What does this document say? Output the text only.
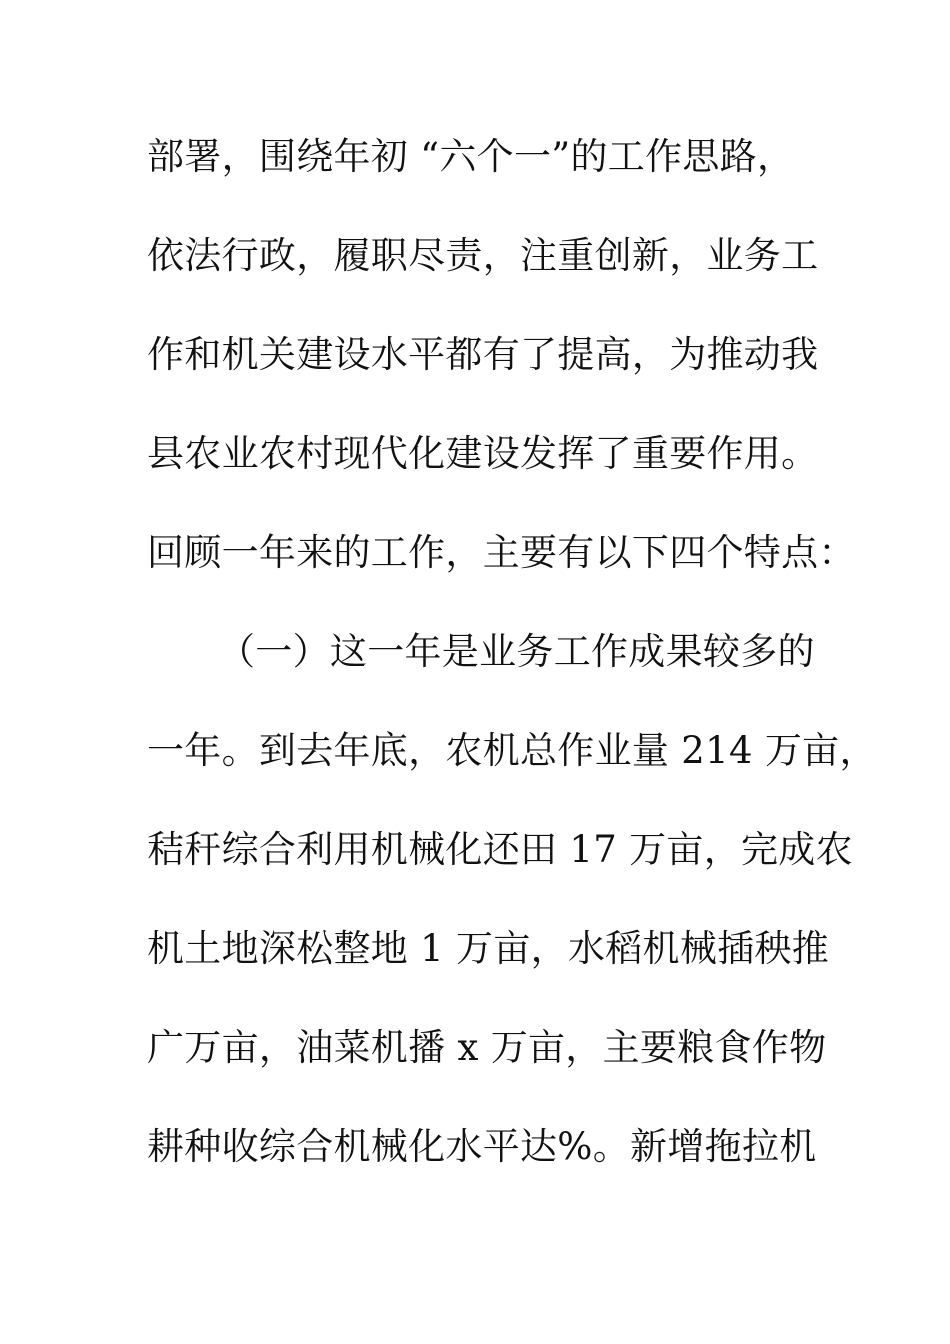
部署，围绕年初 “六个一”的工作思路，
依法行政，履职尽责，注重创新，业务工
作和机关建设水平都有了提高，为推动我
县农业农村现代化建设发挥了重要作用。
回顾一年来的工作，主要有以下四个特点：
（一）这一年是业务工作成果较多的
一年。到去年底，农机总作业量 214 万亩，
秸秆综合利用机械化还田 17 万亩，完成农
机土地深松整地 1 万亩，水稻机械插秧推
广万亩，油菜机播 x 万亩，主要粮食作物
耕种收综合机械化水平达%。新增拖拉机
